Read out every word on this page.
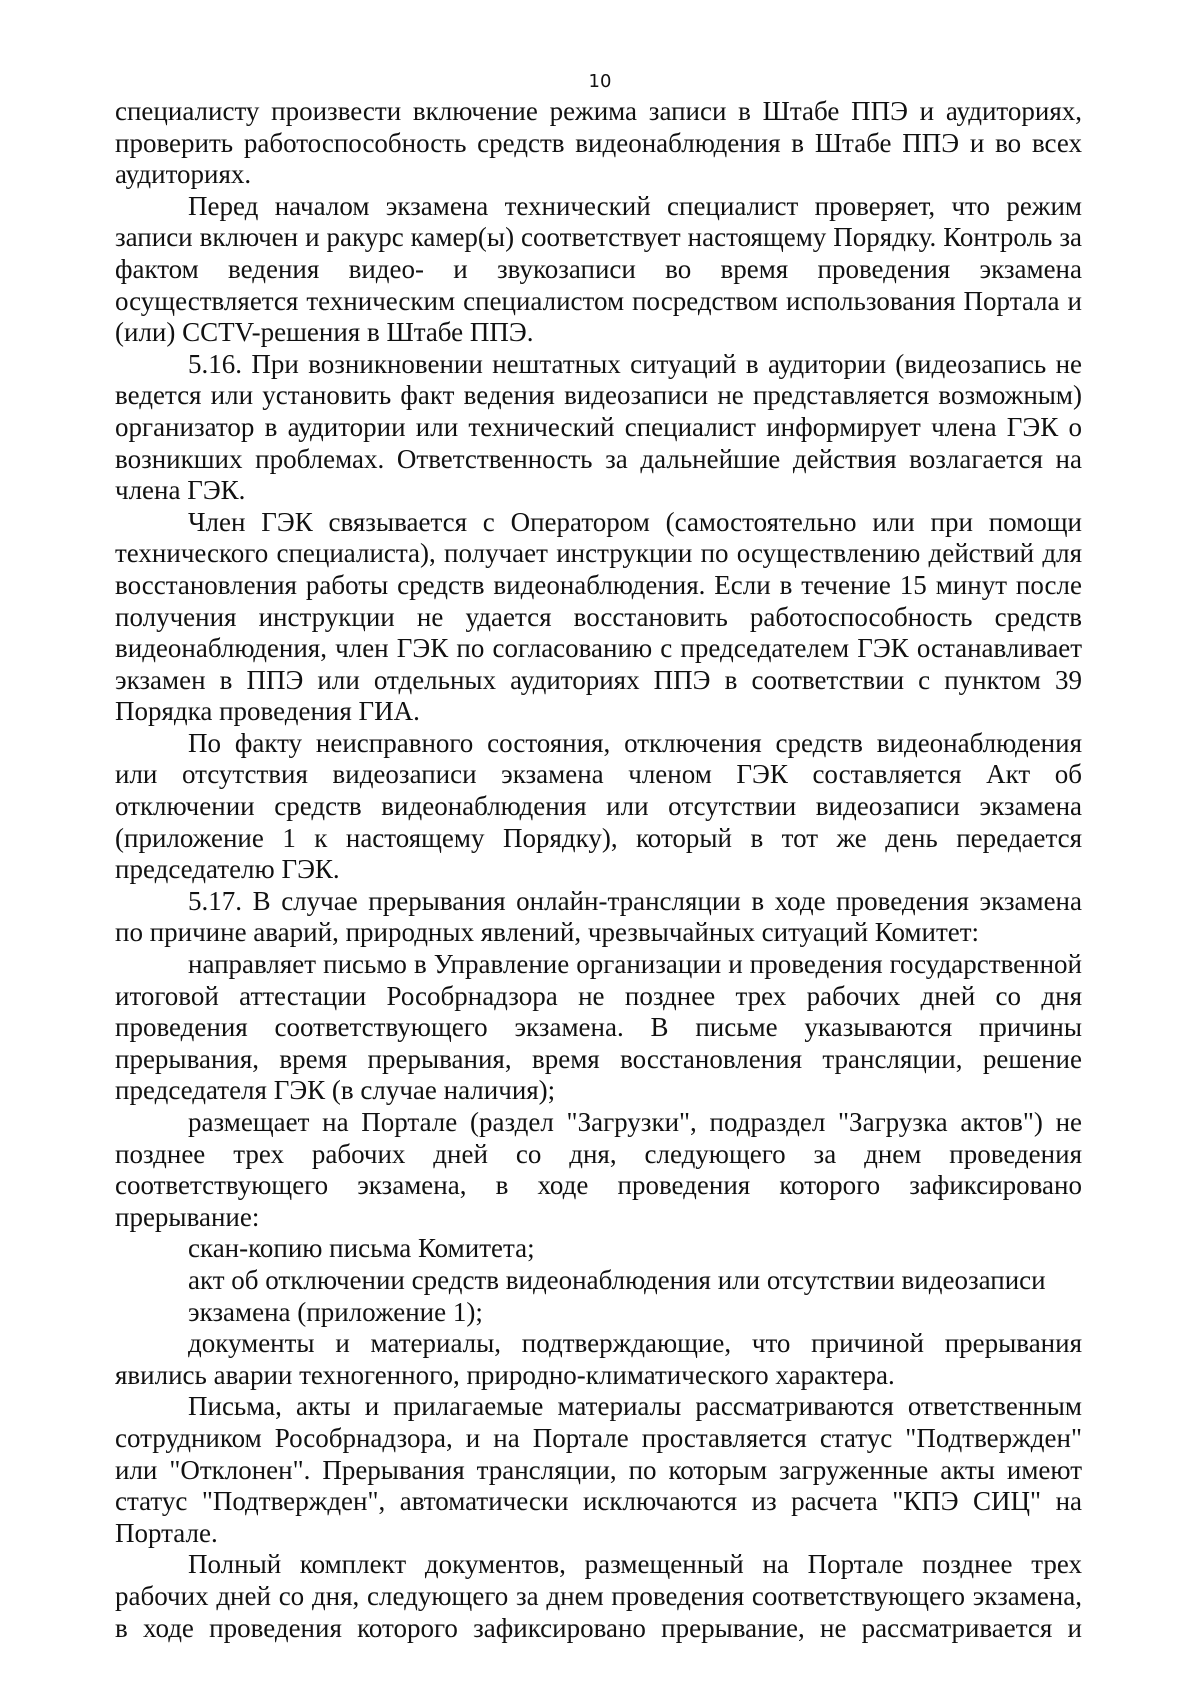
10

специалисту произвести включение режима записи в Штабе ППЭ и аудиториях, проверить работоспособность средств видеонаблюдения в Штабе ППЭ и во всех аудиториях.

Перед началом экзамена технический специалист проверяет, что режим записи включен и ракурс камер(ы) соответствует настоящему Порядку. Контроль за фактом ведения видео- и звукозаписи во время проведения экзамена осуществляется техническим специалистом посредством использования Портала и (или) CCTV-решения в Штабе ППЭ.

5.16. При возникновении нештатных ситуаций в аудитории (видеозапись не ведется или установить факт ведения видеозаписи не представляется возможным) организатор в аудитории или технический специалист информирует члена ГЭК о возникших проблемах. Ответственность за дальнейшие действия возлагается на члена ГЭК.

Член ГЭК связывается с Оператором (самостоятельно или при помощи технического специалиста), получает инструкции по осуществлению действий для восстановления работы средств видеонаблюдения. Если в течение 15 минут после получения инструкции не удается восстановить работоспособность средств видеонаблюдения, член ГЭК по согласованию с председателем ГЭК останавливает экзамен в ППЭ или отдельных аудиториях ППЭ в соответствии с пунктом 39 Порядка проведения ГИА.

По факту неисправного состояния, отключения средств видеонаблюдения или отсутствия видеозаписи экзамена членом ГЭК составляется Акт об отключении средств видеонаблюдения или отсутствии видеозаписи экзамена (приложение 1 к настоящему Порядку), который в тот же день передается председателю ГЭК.

5.17. В случае прерывания онлайн-трансляции в ходе проведения экзамена по причине аварий, природных явлений, чрезвычайных ситуаций Комитет:

направляет письмо в Управление организации и проведения государственной итоговой аттестации Рособрнадзора не позднее трех рабочих дней со дня проведения соответствующего экзамена. В письме указываются причины прерывания, время прерывания, время восстановления трансляции, решение председателя ГЭК (в случае наличия);

размещает на Портале (раздел "Загрузки", подраздел "Загрузка актов") не позднее трех рабочих дней со дня, следующего за днем проведения соответствующего экзамена, в ходе проведения которого зафиксировано прерывание:

скан-копию письма Комитета;

акт об отключении средств видеонаблюдения или отсутствии видеозаписи экзамена (приложение 1);

документы и материалы, подтверждающие, что причиной прерывания явились аварии техногенного, природно-климатического характера.

Письма, акты и прилагаемые материалы рассматриваются ответственным сотрудником Рособрнадзора, и на Портале проставляется статус "Подтвержден" или "Отклонен". Прерывания трансляции, по которым загруженные акты имеют статус "Подтвержден", автоматически исключаются из расчета "КПЭ СИЦ" на Портале.

Полный комплект документов, размещенный на Портале позднее трех рабочих дней со дня, следующего за днем проведения соответствующего экзамена, в ходе проведения которого зафиксировано прерывание, не рассматривается и
